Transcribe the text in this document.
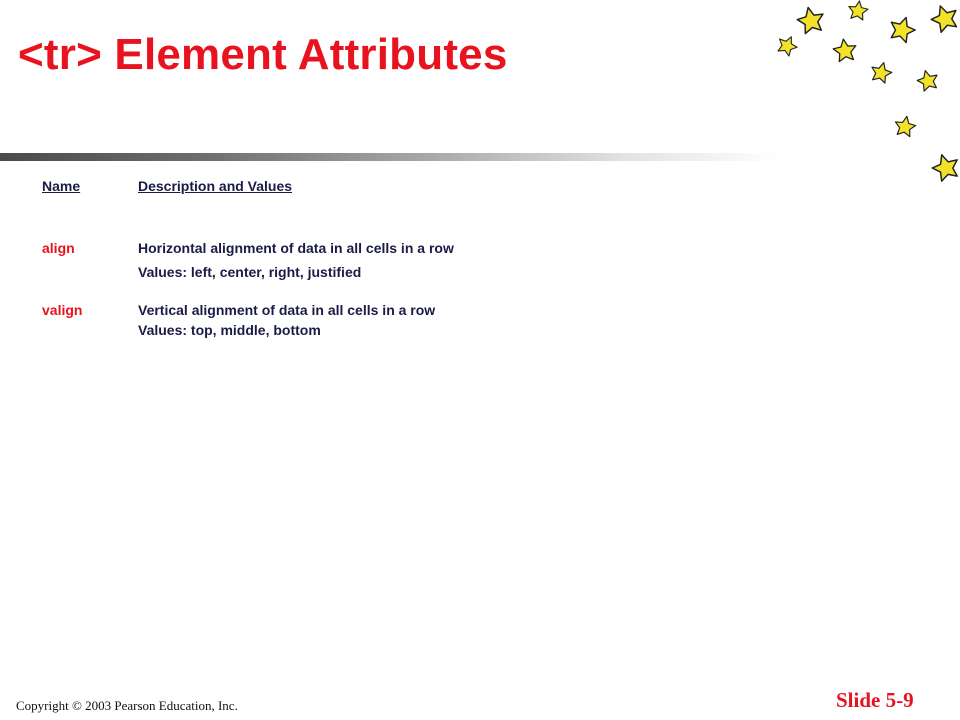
<tr> Element Attributes
Name	Description and Values
align	Horizontal alignment of data in all cells in a row
Values: left, center, right, justified
valign	Vertical alignment of data in all cells in a row
Values: top, middle, bottom
Copyright © 2003 Pearson Education, Inc.	Slide 5-9
